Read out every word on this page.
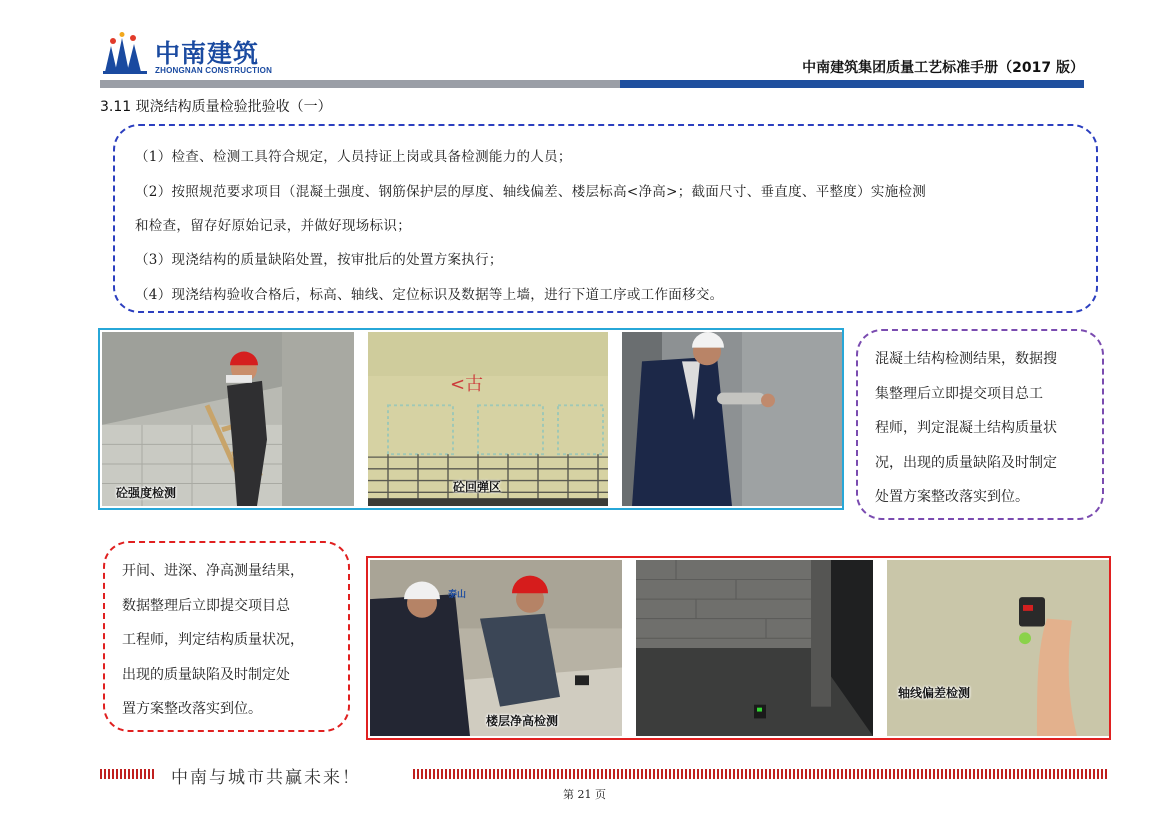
中南建筑
ZHONGNAN CONSTRUCTION	中南建筑集团质量工艺标准手册（2017 版）
3.11 现浇结构质量检验批验收（一）
（1）检查、检测工具符合规定，人员持证上岗或具备检测能力的人员；
（2）按照规范要求项目（混凝土强度、钢筋保护层的厚度、轴线偏差、楼层标高<净高>；截面尺寸、垂直度、平整度）实施检测
和检查，留存好原始记录，并做好现场标识；
（3）现浇结构的质量缺陷处置，按审批后的处置方案执行；
（4）现浇结构验收合格后，标高、轴线、定位标识及数据等上墙，进行下道工序或工作面移交。
砼强度检测
<古
砼回弹区
混凝土结构检测结果，数据搜
集整理后立即提交项目总工
程师，判定混凝土结构质量状
况，出现的质量缺陷及时制定
处置方案整改落实到位。
开间、进深、净高测量结果，
数据整理后立即提交项目总
工程师，判定结构质量状况，
出现的质量缺陷及时制定处
置方案整改落实到位。
泰山
楼层净高检测
轴线偏差检测
中南与城市共赢未来！
第 21 页
